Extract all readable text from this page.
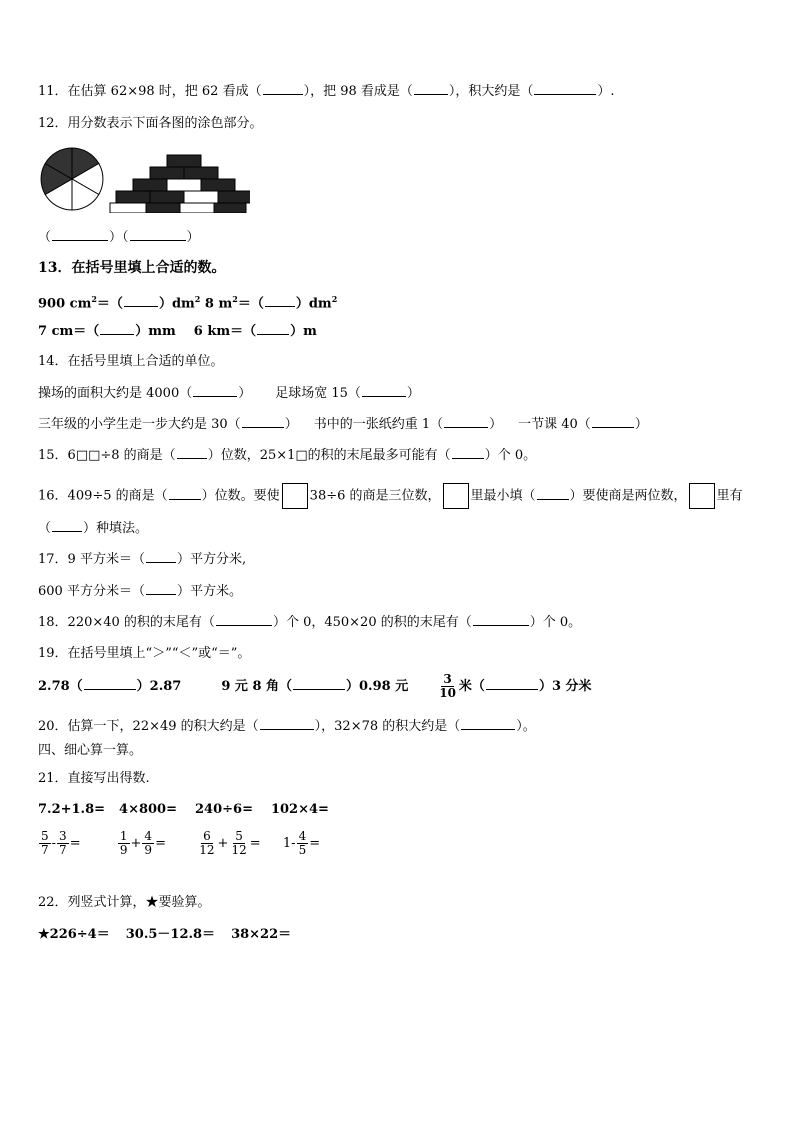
11．在估算 62×98 时，把 62 看成（	），把 98 看成是（	），积大约是（	）.
12．用分数表示下面各图的涂色部分。
（	）（	）
13．在括号里填上合适的数。
900 $cm^2=$（	）$dm^2$ 8 $m^2=$（ ）$dm^2$
7 cm＝（	）mm 6 km＝（	）m
14．在括号里填上合适的单位。
操场的面积大约是 4000（	） 足球场宽 15（	）
三年级的小学生走一步大约是 30（	） 书中的一张纸约重 1（	） 一节课 40（	）
15．6□□÷8 的商是（ ）位数，25×1□的积的末尾最多可能有（	）个 0。
16．409÷5 的商是（	）位数。要使 38÷6 的商是三位数， 里最小填（	）要使商是两位数， 里有
（ ）种填法。
17．9 平方米＝（ ）平方分米,
600 平方分米＝（ ）平方米。
18．220×40 的积的末尾有（	）个 0，450×20 的积的末尾有（	）个 0。
19．在括号里填上“＞”“＜”或“＝”。
2.78（	）2.87	9 元 8 角（	）0.98 元 $\frac{3}{10}$ 米（	）3 分米
20．估算一下，22×49 的积大约是（	），32×78 的积大约是（	）。
四、细心算一算。
21．直接写出得数.
7.2+1.8= 4×800= 240÷6= 102×4=
$\frac{5}{7} - \frac{3}{7}$ =	$\frac{1}{9} + \frac{4}{9}$ =	$\frac{6}{12} + \frac{5}{12} = 1- \frac{4}{5}$ =
22．列竖式计算，★要验算。
★226÷4＝ 30.5－12.8＝ 38×22＝
